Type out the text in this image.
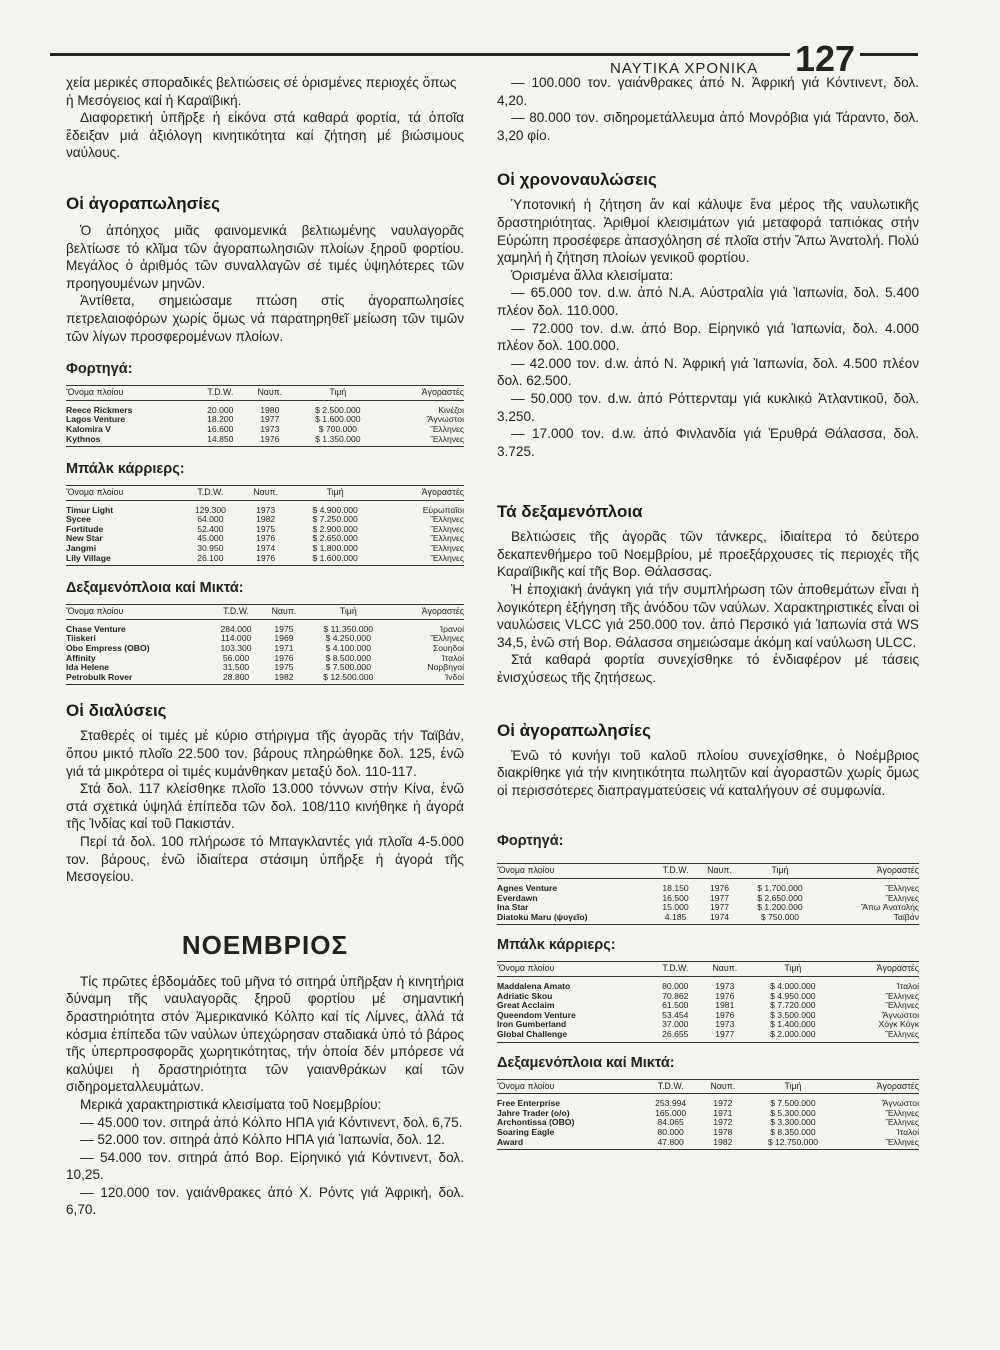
ΝΑΥΤΙΚΑ ΧΡΟΝΙΚΑ 127

χεία μερικές σποραδικές βελτιώσεις σέ ὁρισμένες περιοχές ὅπως ἡ Μεσόγειος καί ἡ Καραϊβική.

Διαφορετική ὑπῆρξε ἡ εἰκόνα στά καθαρά φορτία, τά ὁποῖα ἔδειξαν μιά ἀξιόλογη κινητικότητα καί ζήτηση μέ βιώσιμους ναύλους.

Οἱ ἀγοραπωλησίες

Ὁ ἀπόηχος μιᾶς φαινομενικά βελτιωμένης ναυλαγορᾶς βελτίωσε τό κλῖμα τῶν ἀγοραπωλησιῶν πλοίων ξηροῦ φορτίου. Μεγάλος ὁ ἀριθμός τῶν συναλλαγῶν σέ τιμές ὑψηλότερες τῶν προηγουμένων μηνῶν.

Ἀντίθετα, σημειώσαμε πτώση στίς ἀγοραπωλησίες πετρελαιοφόρων χωρίς ὅμως νά παρατηρηθεῖ μείωση τῶν τιμῶν τῶν λίγων προσφερομένων πλοίων.

Φορτηγά:
Ὄνομα πλοίου	T.D.W.	Ναυπ.	Τιμή	Ἀγοραστές
Reece Rickmers	20.000	1980	$ 2.500.000	Κινέζοι
Lagos Venture	18.200	1977	$ 1.600.000	Ἄγνωστοι
Kalomira V	16.600	1973	$ 700.000	Ἕλληνες
Kythnos	14.850	1976	$ 1.350.000	Ἕλληνες
Μπάλκ κάρριερς:
Ὄνομα πλοίου	T.D.W.	Ναυπ.	Τιμή	Ἀγοραστές
Timur Light	129.300	1973	$ 4.900.000	Εὐρωπαῖοι
Sycee	64.000	1982	$ 7.250.000	Ἕλληνες
Fortitude	52.400	1975	$ 2.900.000	Ἕλληνες
New Star	45.000	1976	$ 2.650.000	Ἕλληνες
Jangmi	30.950	1974	$ 1.800.000	Ἕλληνες
Lily Village	26.100	1976	$ 1.600.000	Ἕλληνες
Δεξαμενόπλοια καί Μικτά:
Ὄνομα πλοίου	T.D.W.	Ναυπ.	Τιμή	Ἀγοραστές
Chase Venture	284.000	1975	$ 11.350.000	Ἰρανοί
Tiiskeri	114.000	1969	$ 4.250.000	Ἕλληνες
Obo Empress (OBO)	103.300	1971	$ 4.100.000	Σουηδοί
Affinity	56.000	1976	$ 8.500.000	Ἰταλοί
Ida Helene	31.500	1975	$ 7.500.000	Νορβηγοί
Petrobulk Rover	28.800	1982	$ 12.500.000	Ἰνδοί
Οἱ διαλύσεις

Σταθερές οἱ τιμές μέ κύριο στήριγμα τῆς ἀγορᾶς τήν Ταϊβάν, ὅπου μικτό πλοῖο 22.500 τον. βάρους πληρώθηκε δολ. 125, ἐνῶ γιά τά μικρότερα οἱ τιμές κυμάνθηκαν μεταξύ δολ. 110-117.

Στά δολ. 117 κλείσθηκε πλοῖο 13.000 τόννων στήν Κίνα, ἐνῶ στά σχετικά ὑψηλά ἐπίπεδα τῶν δολ. 108/110 κινήθηκε ἡ ἀγορά τῆς Ἰνδίας καί τοῦ Πακιστάν.

Περί τά δολ. 100 πλήρωσε τό Μπαγκλαντές γιά πλοῖα 4-5.000 τον. βάρους, ἐνῶ ἰδιαίτερα στάσιμη ὑπῆρξε ἡ ἀγορά τῆς Μεσογείου.

ΝΟΕΜΒΡΙΟΣ

Τίς πρῶτες ἑβδομάδες τοῦ μῆνα τό σιτηρά ὑπῆρξαν ἡ κινητήρια δύναμη τῆς ναυλαγορᾶς ξηροῦ φορτίου μέ σημαντική δραστηριότητα στόν Ἀμερικανικό Κόλπο καί τίς Λίμνες, ἀλλά τά κόσμια ἐπίπεδα τῶν ναύλων ὑπεχώρησαν σταδιακά ὑπό τό βάρος τῆς ὑπερπροσφορᾶς χωρητικότητας, τήν ὁποία δέν μπόρεσε νά καλύψει ἡ δραστηριότητα τῶν γαιανθράκων καί τῶν σιδηρομεταλλευμάτων.

Μερικά χαρακτηριστικά κλεισίματα τοῦ Νοεμβρίου:

— 45.000 τον. σιτηρά ἀπό Κόλπο ΗΠΑ γιά Κόντινεντ, δολ. 6,75.

— 52.000 τον. σιτηρά ἀπό Κόλπο ΗΠΑ γιά Ἰαπωνία, δολ. 12.

— 54.000 τον. σιτηρά ἀπό Βορ. Εἰρηνικό γιά Κόντινεντ, δολ. 10,25.

— 120.000 τον. γαιάνθρακες ἀπό Χ. Ρόντς γιά Ἀφρική, δολ. 6,70.

— 100.000 τον. γαιάνθρακες ἀπό Ν. Ἀφρική γιά Κόντινεντ, δολ. 4,20.

— 80.000 τον. σιδηρομετάλλευμα ἀπό Μονρόβια γιά Τάραντο, δολ. 3,20 φίο.

Οἱ χρονοναυλώσεις

Ὑποτονική ἡ ζήτηση ἄν καί κάλυψε ἕνα μέρος τῆς ναυλωτικῆς δραστηριότητας. Ἀριθμοί κλεισιμάτων γιά μεταφορά ταπιόκας στήν Εὐρώπη προσέφερε ἀπασχόληση σέ πλοῖα στήν Ἄπω Ἀνατολή. Πολύ χαμηλή ἡ ζήτηση πλοίων γενικοῦ φορτίου.

Ὁρισμένα ἄλλα κλεισίματα:

— 65.000 τον. d.w. ἀπό Ν.Α. Αὐστραλία γιά Ἰαπωνία, δολ. 5.400 πλέον δολ. 110.000.

— 72.000 τον. d.w. ἀπό Βορ. Εἰρηνικό γιά Ἰαπωνία, δολ. 4.000 πλέον δολ. 100.000.

— 42.000 τον. d.w. ἀπό Ν. Ἀφρική γιά Ἰαπωνία, δολ. 4.500 πλέον δολ. 62.500.

— 50.000 τον. d.w. ἀπό Ρόττερνταμ γιά κυκλικό Ἀτλαντικοῦ, δολ. 3.250.

— 17.000 τον. d.w. ἀπό Φινλανδία γιά Ἐρυθρά Θάλασσα, δολ. 3.725.

Τά δεξαμενόπλοια

Βελτιώσεις τῆς ἀγορᾶς τῶν τάνκερς, ἰδιαίτερα τό δεύτερο δεκαπενθήμερο τοῦ Νοεμβρίου, μέ προεξάρχουσες τίς περιοχές τῆς Καραϊβικῆς καί τῆς Βορ. Θάλασσας.

Ἡ ἐποχιακή ἀνάγκη γιά τήν συμπλήρωση τῶν ἀποθεμάτων εἶναι ἡ λογικότερη ἐξήγηση τῆς ἀνόδου τῶν ναύλων. Χαρακτηριστικές εἶναι οἱ ναυλώσεις VLCC γιά 250.000 τον. ἀπό Περσικό γιά Ἰαπωνία στά WS 34,5, ἐνῶ στή Βορ. Θάλασσα σημειώσαμε ἀκόμη καί ναύλωση ULCC.

Στά καθαρά φορτία συνεχίσθηκε τό ἐνδιαφέρον μέ τάσεις ἐνισχύσεως τῆς ζητήσεως.

Οἱ ἀγοραπωλησίες

Ἐνῶ τό κυνήγι τοῦ καλοῦ πλοίου συνεχίσθηκε, ὁ Νοέμβριος διακρίθηκε γιά τήν κινητικότητα πωλητῶν καί ἀγοραστῶν χωρίς ὅμως οἱ περισσότερες διαπραγματεύσεις νά καταλήγουν σέ συμφωνία.

Φορτηγά:
Ὄνομα πλοίου	T.D.W.	Ναυπ.	Τιμή	Ἀγοραστές
Agnes Venture	18.150	1976	$ 1.700.000	Ἕλληνες
Everdawn	16.500	1977	$ 2.650.000	Ἕλληνες
Ina Star	15.000	1977	$ 1.200.000	Ἄπω Ἀνατολής
Diatoku Maru (ψυγεῖο)	4.185	1974	$ 750.000	Ταϊβάν
Μπάλκ κάρριερς:
Ὄνομα πλοίου	T.D.W.	Ναυπ.	Τιμή	Ἀγοραστές
Maddalena Amato	80.000	1973	$ 4.000.000	Ἰταλοί
Adriatic Skou	70.862	1976	$ 4.950.000	Ἕλληνες
Great Acclaim	61.500	1981	$ 7.720.000	Ἕλληνες
Queendom Venture	53.454	1976	$ 3.500.000	Ἄγνωστοι
Iron Gumberland	37.000	1973	$ 1.400.000	Χόγκ Κόγκ
Global Challenge	26.655	1977	$ 2.000.000	Ἕλληνες
Δεξαμενόπλοια καί Μικτά:
Ὄνομα πλοίου	T.D.W.	Ναυπ.	Τιμή	Ἀγοραστές
Free Enterprise	253.994	1972	$ 7.500.000	Ἄγνωστοι
Jahre Trader (o/o)	165.000	1971	$ 5.300.000	Ἕλληνες
Archontissa (OBO)	84.065	1972	$ 3.300.000	Ἕλληνες
Soaring Eagle	80.000	1978	$ 8.350.000	Ἰταλοί
Award	47.800	1982	$ 12.750.000	Ἕλληνες
